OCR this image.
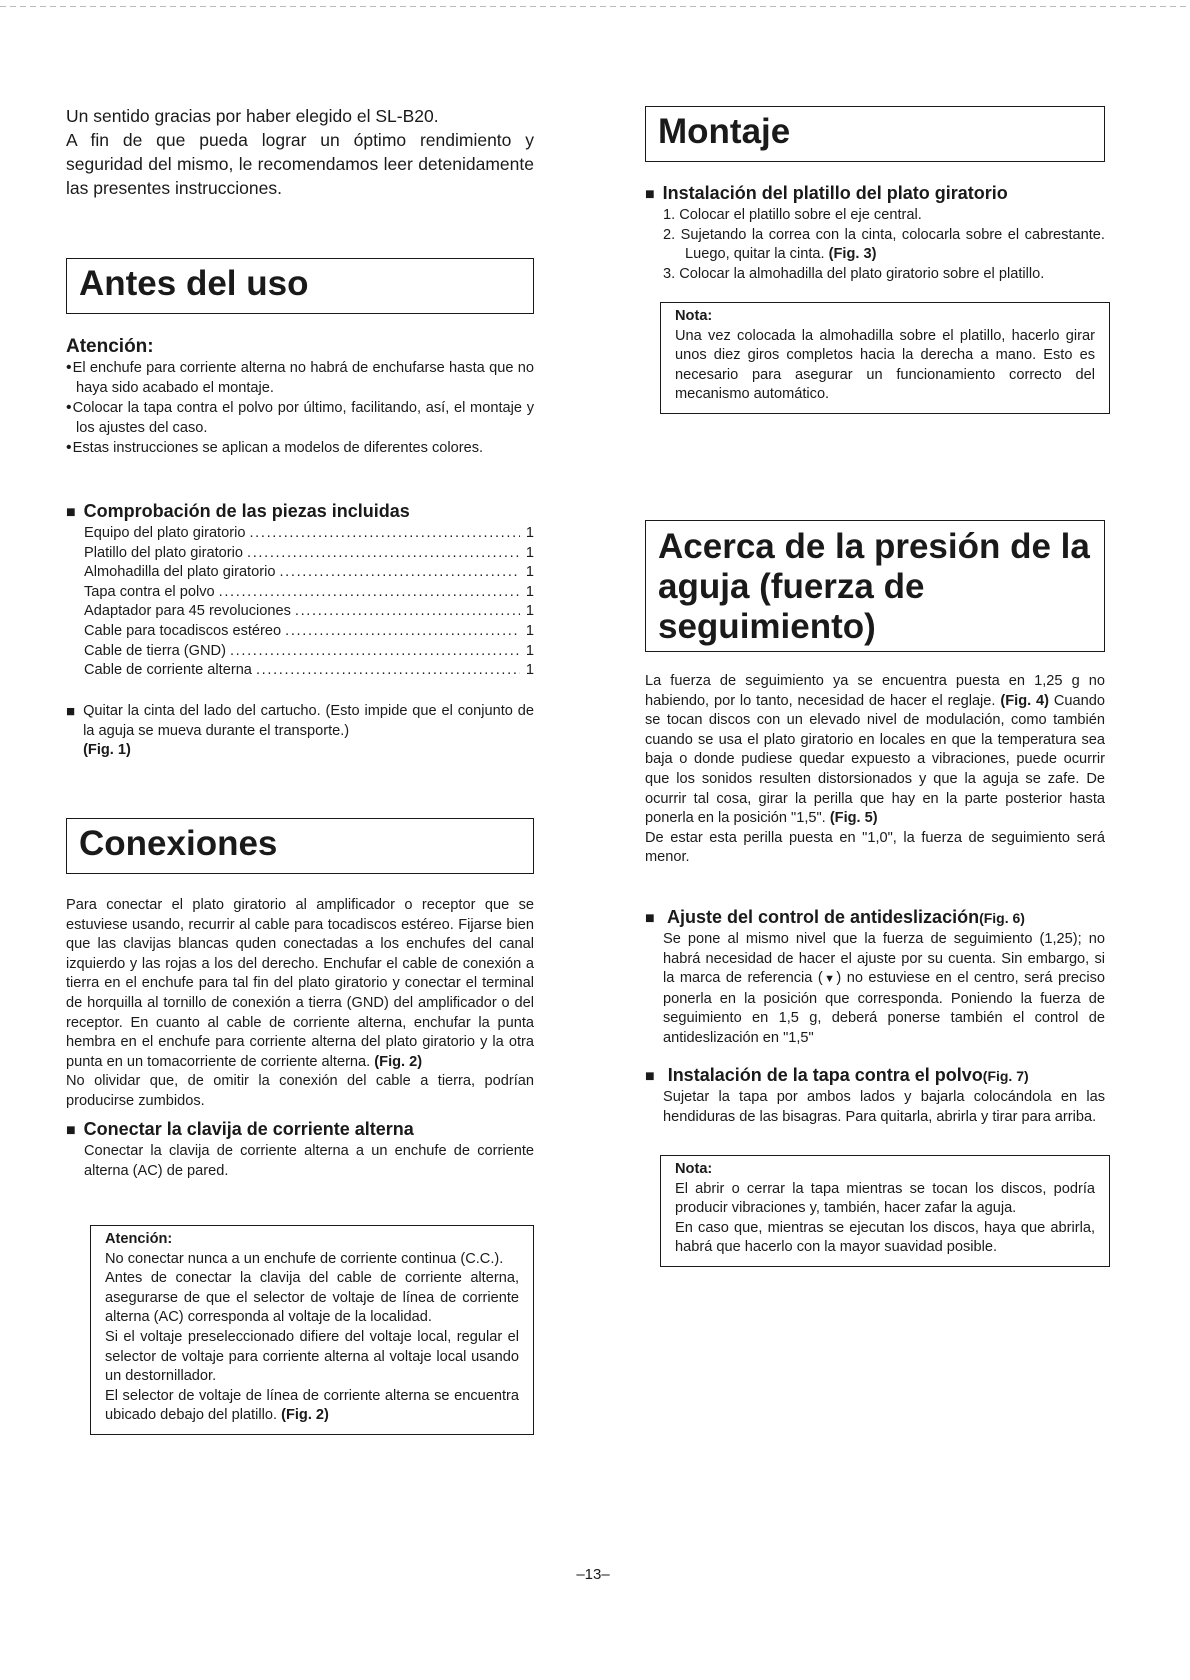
Un sentido gracias por haber elegido el SL-B20.
A fin de que pueda lograr un óptimo rendimiento y seguridad del mismo, le recomendamos leer detenidamente las presentes instrucciones.
Antes del uso
Atención:
• El enchufe para corriente alterna no habrá de enchufarse hasta que no haya sido acabado el montaje.
• Colocar la tapa contra el polvo por último, facilitando, así, el montaje y los ajustes del caso.
• Estas instrucciones se aplican a modelos de diferentes colores.
■ Comprobación de las piezas incluidas
Equipo del plato giratorio . . .	1
Platillo del plato giratorio . . .	1
Almohadilla del plato giratorio . . .	1
Tapa contra el polvo . . .	1
Adaptador para 45 revoluciones . . .	1
Cable para tocadiscos estéreo . . .	1
Cable de tierra (GND) . . .	1
Cable de corriente alterna . . .	1
■ Quitar la cinta del lado del cartucho. (Esto impide que el conjunto de la aguja se mueva durante el transporte.)
(Fig. 1)
Conexiones
Para conectar el plato giratorio al amplificador o receptor que se estuviese usando, recurrir al cable para tocadiscos estéreo. Fijarse bien que las clavijas blancas quden conectadas a los enchufes del canal izquierdo y las rojas a los del derecho. Enchufar el cable de conexión a tierra en el enchufe para tal fin del plato giratorio y conectar el terminal de horquilla al tornillo de conexión a tierra (GND) del amplificador o del receptor. En cuanto al cable de corriente alterna, enchufar la punta hembra en el enchufe para corriente alterna del plato giratorio y la otra punta en un tomacorriente de corriente alterna. (Fig. 2)
No olividar que, de omitir la conexión del cable a tierra, podrían producirse zumbidos.
■ Conectar la clavija de corriente alterna
Conectar la clavija de corriente alterna a un enchufe de corriente alterna (AC) de pared.
Atención:
No conectar nunca a un enchufe de corriente continua (C.C.).
Antes de conectar la clavija del cable de corriente alterna, asegurarse de que el selector de voltaje de línea de corriente alterna (AC) corresponda al voltaje de la localidad.
Si el voltaje preseleccionado difiere del voltaje local, regular el selector de voltaje para corriente alterna al voltaje local usando un destornillador.
El selector de voltaje de línea de corriente alterna se encuentra ubicado debajo del platillo. (Fig. 2)
Montaje
■ Instalación del platillo del plato giratorio
1. Colocar el platillo sobre el eje central.
2. Sujetando la correa con la cinta, colocarla sobre el cabrestante. Luego, quitar la cinta. (Fig. 3)
3. Colocar la almohadilla del plato giratorio sobre el platillo.
Nota:
Una vez colocada la almohadilla sobre el platillo, hacerlo girar unos diez giros completos hacia la derecha a mano. Esto es necesario para asegurar un funcionamiento correcto del mecanismo automático.
Acerca de la presión de la aguja (fuerza de seguimiento)
La fuerza de seguimiento ya se encuentra puesta en 1,25 g no habiendo, por lo tanto, necesidad de hacer el reglaje. (Fig. 4) Cuando se tocan discos con un elevado nivel de modulación, como también cuando se usa el plato giratorio en locales en que la temperatura sea baja o donde pudiese quedar expuesto a vibraciones, puede ocurrir que los sonidos resulten distorsionados y que la aguja se zafe. De ocurrir tal cosa, girar la perilla que hay en la parte posterior hasta ponerla en la posición "1,5". (Fig. 5)
De estar esta perilla puesta en "1,0", la fuerza de seguimiento será menor.
■ Ajuste del control de antideslización(Fig. 6)
Se pone al mismo nivel que la fuerza de seguimiento (1,25); no habrá necesidad de hacer el ajuste por su cuenta. Sin embargo, si la marca de referencia (▼) no estuviese en el centro, será preciso ponerla en la posición que corresponda. Poniendo la fuerza de seguimiento en 1,5 g, deberá ponerse también el control de antideslización en "1,5"
■ Instalación de la tapa contra el polvo(Fig. 7)
Sujetar la tapa por ambos lados y bajarla colocándola en las hendiduras de las bisagras. Para quitarla, abrirla y tirar para arriba.
Nota:
El abrir o cerrar la tapa mientras se tocan los discos, podría producir vibraciones y, también, hacer zafar la aguja.
En caso que, mientras se ejecutan los discos, haya que abrirla, habrá que hacerlo con la mayor suavidad posible.
–13–
